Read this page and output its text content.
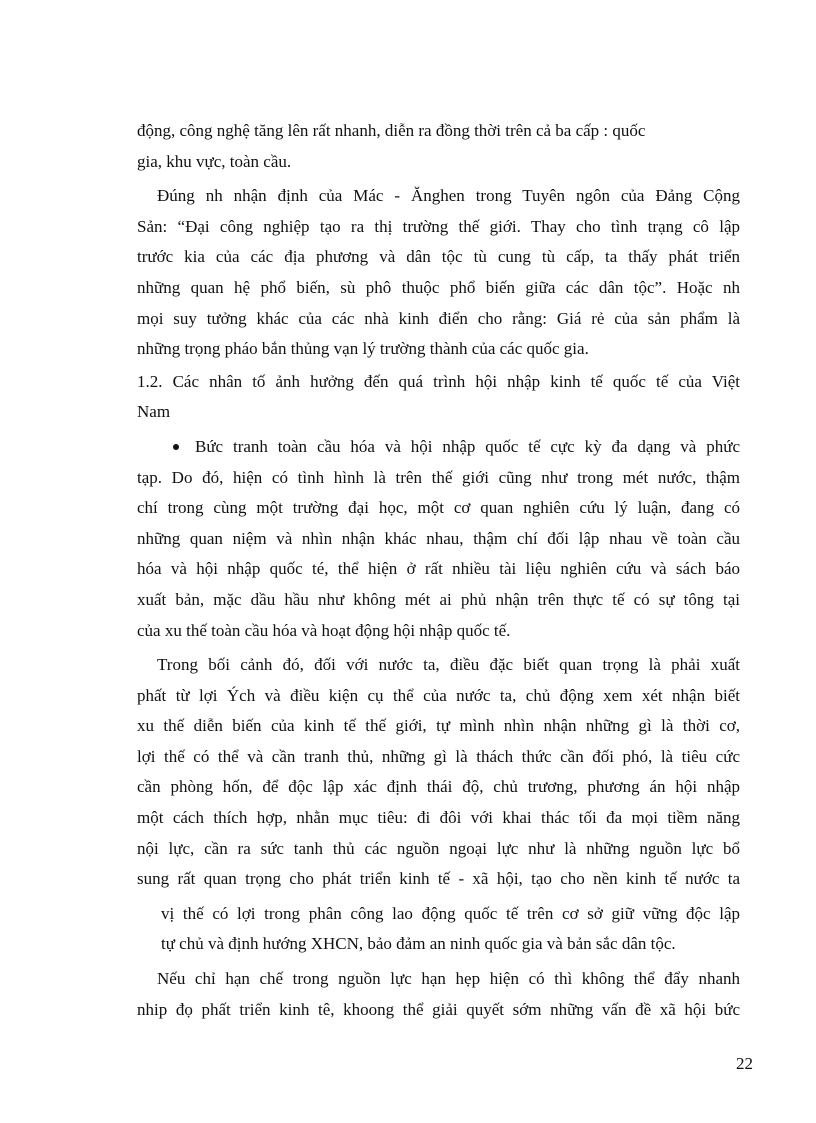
động, công nghệ tăng lên rất nhanh, diễn ra đồng thời trên cả ba cấp : quốc
gia, khu vực, toàn cầu.
Đúng nh nhận định của Mác - Ănghen trong Tuyên ngôn của Đảng Cộng
Sản: “Đại công nghiệp tạo ra thị trường thế giới. Thay cho tình trạng cô lập
trước kia của các địa phương và dân tộc tù cung tù cấp, ta thấy phát triển
những quan hệ phổ biến, sù phô thuộc phổ biến giữa các dân tộc”. Hoặc nh
mọi suy tưởng khác của các nhà kinh điển cho rằng: Giá rẻ của sản phẩm là
những trọng pháo bắn thủng vạn lý trường thành của các quốc gia.
1.2. Các nhân tố ảnh hưởng đến quá trình hội nhập kinh tế quốc tế của Việt
Nam
Bức tranh toàn cầu hóa và hội nhập quốc tế cực kỳ đa dạng và phức
tạp. Do đó, hiện có tình hình là trên thế giới cũng như trong mét nước, thậm
chí trong cùng một trường đại học, một cơ quan nghiên cứu lý luận, đang có
những quan niệm và nhìn nhận khác nhau, thậm chí đối lập nhau về toàn cầu
hóa và hội nhập quốc té, thể hiện ở rất nhiều tài liệu nghiên cứu và sách báo
xuất bản, mặc dầu hầu như không mét ai phủ nhận trên thực tế có sự tông tại
của xu thế toàn cầu hóa và hoạt động hội nhập quốc tế.
Trong bối cảnh đó, đối với nước ta, điều đặc biết quan trọng là phải xuất
phất từ lợi Ých và điều kiện cụ thể của nước ta, chủ động xem xét nhận biết
xu thế diễn biến của kinh tế thế giới, tự mình nhìn nhận những gì là thời cơ,
lợi thế có thể và cần tranh thủ, những gì là thách thức cần đối phó, là tiêu cức
cần phòng hốn, để độc lập xác định thái độ, chủ trương, phương án hội nhập
một cách thích hợp, nhằn mục tiêu: đi đôi với khai thác tối đa mọi tiềm năng
nội lực, cần ra sức tanh thủ các nguồn ngoại lực như là những nguồn lực bổ
sung rất quan trọng cho phát triển kinh tế - xã hội, tạo cho nền kinh tế nước ta
vị thế có lợi trong phân công lao động quốc tế trên cơ sở giữ vững độc lập
tự chủ và định hướng XHCN, bảo đảm an ninh quốc gia và bản sắc dân tộc.
Nếu chỉ hạn chế trong nguồn lực hạn hẹp hiện có thì không thể đẩy nhanh
nhip đọ phất triển kinh tê, khoong thể giải quyết sớm những vấn đề xã hội bức
22
